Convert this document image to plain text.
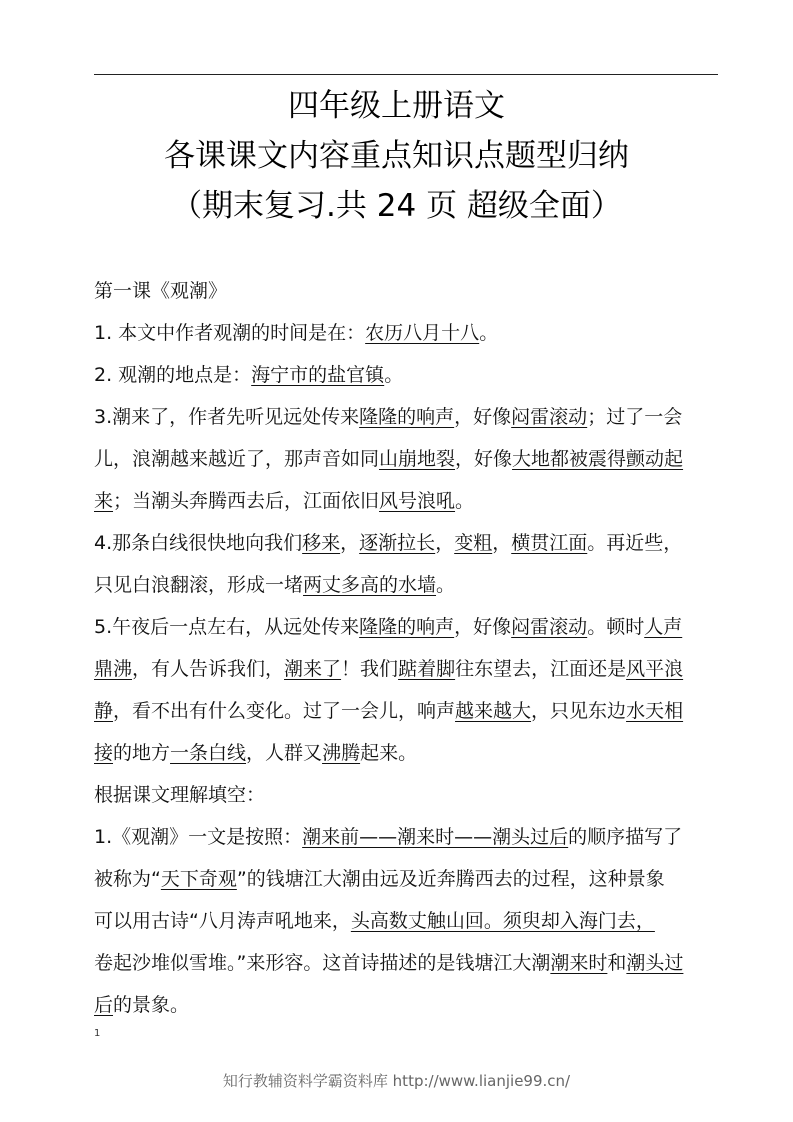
四年级上册语文
各课课文内容重点知识点题型归纳
（期末复习.共 24 页 超级全面）
第一课《观潮》
1. 本文中作者观潮的时间是在：农历八月十八。
2. 观潮的地点是：海宁市的盐官镇。
3.潮来了，作者先听见远处传来隆隆的响声，好像闷雷滚动；过了一会
儿，浪潮越来越近了，那声音如同山崩地裂，好像大地都被震得颤动起
来；当潮头奔腾西去后，江面依旧风号浪吼。
4.那条白线很快地向我们移来，逐渐拉长，变粗，横贯江面。再近些，
只见白浪翻滚，形成一堵两丈多高的水墙。
5.午夜后一点左右，从远处传来隆隆的响声，好像闷雷滚动。顿时人声
鼎沸，有人告诉我们，潮来了！我们踮着脚往东望去，江面还是风平浪
静，看不出有什么变化。过了一会儿，响声越来越大，只见东边水天相
接的地方一条白线，人群又沸腾起来。
根据课文理解填空：
1.《观潮》一文是按照：潮来前——潮来时——潮头过后的顺序描写了
被称为“天下奇观”的钱塘江大潮由远及近奔腾西去的过程，这种景象
可以用古诗“八月涛声吼地来，头高数丈触山回。须臾却入海门去，
卷起沙堆似雪堆。”来形容。这首诗描述的是钱塘江大潮潮来时和潮头过
后的景象。
1
知行教辅资料学霸资料库 http://www.lianjie99.cn/
